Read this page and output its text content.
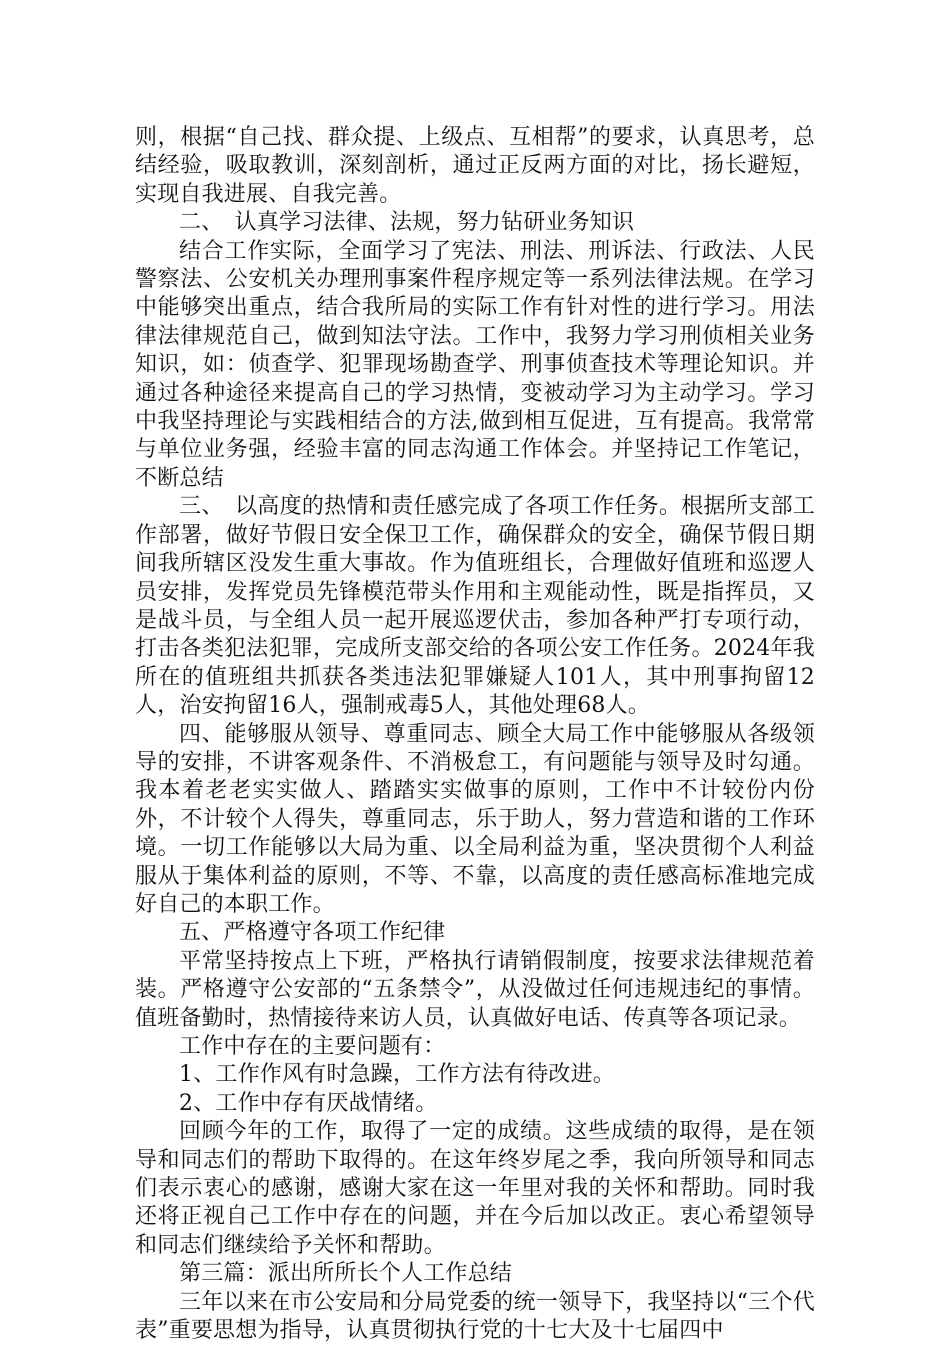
则，根据“自己找、群众提、上级点、互相帮”的要求，认真思考，总结经验，吸取教训，深刻剖析，通过正反两方面的对比，扬长避短，实现自我进展、自我完善。

二、　认真学习法律、法规，努力钻研业务知识

结合工作实际，全面学习了宪法、刑法、刑诉法、行政法、人民警察法、公安机关办理刑事案件程序规定等一系列法律法规。在学习中能够突出重点，结合我所局的实际工作有针对性的进行学习。用法律法律规范自己，做到知法守法。工作中，我努力学习刑侦相关业务知识，如：侦查学、犯罪现场勘查学、刑事侦查技术等理论知识。并通过各种途径来提高自己的学习热情，变被动学习为主动学习。学习中我坚持理论与实践相结合的方法,做到相互促进，互有提高。我常常与单位业务强，经验丰富的同志沟通工作体会。并坚持记工作笔记，不断总结

三、　以高度的热情和责任感完成了各项工作任务。根据所支部工作部署，做好节假日安全保卫工作，确保群众的安全，确保节假日期间我所辖区没发生重大事故。作为值班组长，合理做好值班和巡逻人员安排，发挥党员先锋模范带头作用和主观能动性，既是指挥员，又是战斗员，与全组人员一起开展巡逻伏击，参加各种严打专项行动，打击各类犯法犯罪，完成所支部交给的各项公安工作任务。2024年我所在的值班组共抓获各类违法犯罪嫌疑人101人，其中刑事拘留12人，治安拘留16人，强制戒毒5人，其他处理68人。

四、能够服从领导、尊重同志、顾全大局工作中能够服从各级领导的安排，不讲客观条件、不消极怠工，有问题能与领导及时勾通。我本着老老实实做人、踏踏实实做事的原则，工作中不计较份内份外，不计较个人得失，尊重同志，乐于助人，努力营造和谐的工作环境。一切工作能够以大局为重、以全局利益为重，坚决贯彻个人利益服从于集体利益的原则，不等、不靠，以高度的责任感高标准地完成好自己的本职工作。

五、严格遵守各项工作纪律

平常坚持按点上下班，严格执行请销假制度，按要求法律规范着装。严格遵守公安部的“五条禁令”，从没做过任何违规违纪的事情。值班备勤时，热情接待来访人员，认真做好电话、传真等各项记录。

工作中存在的主要问题有：

1、工作作风有时急躁，工作方法有待改进。

2、工作中存有厌战情绪。

回顾今年的工作，取得了一定的成绩。这些成绩的取得，是在领导和同志们的帮助下取得的。在这年终岁尾之季，我向所领导和同志们表示衷心的感谢，感谢大家在这一年里对我的关怀和帮助。同时我还将正视自己工作中存在的问题，并在今后加以改正。衷心希望领导和同志们继续给予关怀和帮助。

第三篇：派出所所长个人工作总结

三年以来在市公安局和分局党委的统一领导下，我坚持以“三个代表”重要思想为指导，认真贯彻执行党的十七大及十七届四中
